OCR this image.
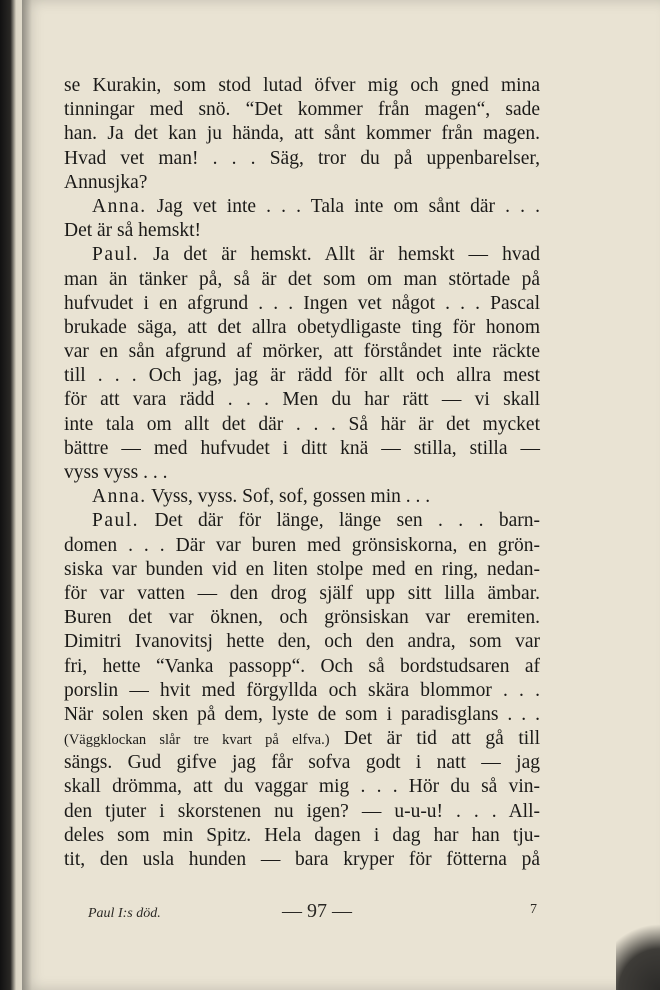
se Kurakin, som stod lutad öfver mig och gned mina
tinningar med snö. “Det kommer från magen“, sade
han. Ja det kan ju hända, att sånt kommer från magen.
Hvad vet man! . . . Säg, tror du på uppenbarelser,
Annusjka?
Anna. Jag vet inte . . . Tala inte om sånt där . . .
Det är så hemskt!
Paul. Ja det är hemskt. Allt är hemskt — hvad
man än tänker på, så är det som om man störtade på
hufvudet i en afgrund . . . Ingen vet något . . . Pascal
brukade säga, att det allra obetydligaste ting för honom
var en sån afgrund af mörker, att förståndet inte räckte
till . . . Och jag, jag är rädd för allt och allra mest
för att vara rädd . . . Men du har rätt — vi skall
inte tala om allt det där . . . Så här är det mycket
bättre — med hufvudet i ditt knä — stilla, stilla —
vyss vyss . . .
Anna. Vyss, vyss. Sof, sof, gossen min . . .
Paul. Det där för länge, länge sen . . . barn-
domen . . . Där var buren med grönsiskorna, en grön-
siska var bunden vid en liten stolpe med en ring, nedan-
för var vatten — den drog själf upp sitt lilla ämbar.
Buren det var öknen, och grönsiskan var eremiten.
Dimitri Ivanovitsj hette den, och den andra, som var
fri, hette “Vanka passopp“. Och så bordstudsaren af
porslin — hvit med förgyllda och skära blommor . . .
När solen sken på dem, lyste de som i paradisglans . . .
(Väggklockan slår tre kvart på elfva.) Det är tid att gå till
sängs. Gud gifve jag får sofva godt i natt — jag
skall drömma, att du vaggar mig . . . Hör du så vin-
den tjuter i skorstenen nu igen? — u-u-u! . . . All-
deles som min Spitz. Hela dagen i dag har han tju-
tit, den usla hunden — bara kryper för fötterna på
Paul I:s död.	— 97 —	7
